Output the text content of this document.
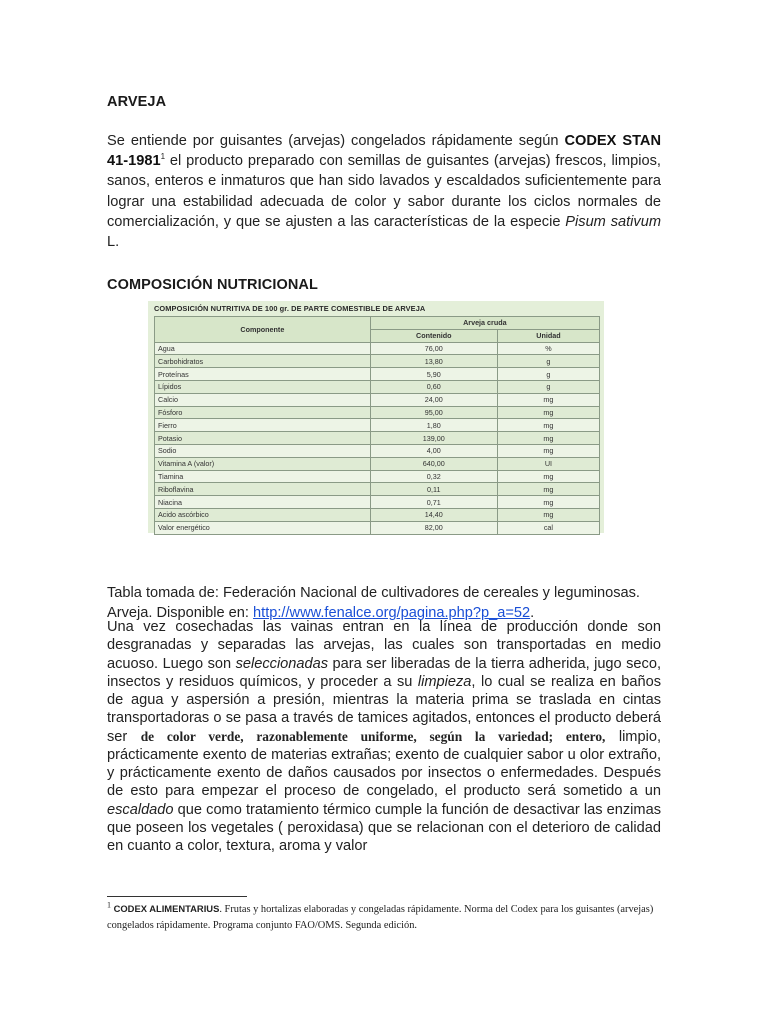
ARVEJA
Se entiende por guisantes (arvejas) congelados rápidamente según CODEX STAN 41-1981$^1$ el producto preparado con semillas de guisantes (arvejas) frescos, limpios, sanos, enteros e inmaturos que han sido lavados y escaldados suficientemente para lograr una estabilidad adecuada de color y sabor durante los ciclos normales de comercialización, y que se ajusten a las características de la especie Pisum sativum L.
COMPOSICIÓN NUTRICIONAL
COMPOSICIÓN NUTRITIVA DE 100 gr. DE PARTE COMESTIBLE DE ARVEJA
Componente	Arveja cruda	
	Contenido	Unidad
Agua	76,00	%
Carbohidratos	13,80	g
Proteínas	5,90	g
Lípidos	0,60	g
Calcio	24,00	mg
Fósforo	95,00	mg
Fierro	1,80	mg
Potasio	139,00	mg
Sodio	4,00	mg
Vitamina A (valor)	640,00	UI
Tiamina	0,32	mg
Riboflavina	0,11	mg
Niacina	0,71	mg
Acido ascórbico	14,40	mg
Valor energético	82,00	cal
Tabla tomada de: Federación Nacional de cultivadores de cereales y leguminosas.
Arveja. Disponible en: http://www.fenalce.org/pagina.php?p_a=52.
Una vez cosechadas las vainas entran en la línea de producción donde son desgranadas y separadas las arvejas, las cuales son transportadas en medio acuoso. Luego son seleccionadas para ser liberadas de la tierra adherida, jugo seco, insectos y residuos químicos, y proceder a su limpieza, lo cual se realiza en baños de agua y aspersión a presión, mientras la materia prima se traslada en cintas transportadoras o se pasa a través de tamices agitados, entonces el producto deberá ser de color verde, razonablemente uniforme, según la variedad; entero, limpio, prácticamente exento de materias extrañas; exento de cualquier sabor u olor extraño, y prácticamente exento de daños causados por insectos o enfermedades. Después de esto para empezar el proceso de congelado, el producto será sometido a un escaldado que como tratamiento térmico cumple la función de desactivar las enzimas que poseen los vegetales ( peroxidasa) que se relacionan con el deterioro de calidad en cuanto a color, textura, aroma y valor
$^1$ CODEX ALIMENTARIUS. Frutas y hortalizas elaboradas y congeladas rápidamente. Norma del Codex para los guisantes (arvejas) congelados rápidamente. Programa conjunto FAO/OMS. Segunda edición.
